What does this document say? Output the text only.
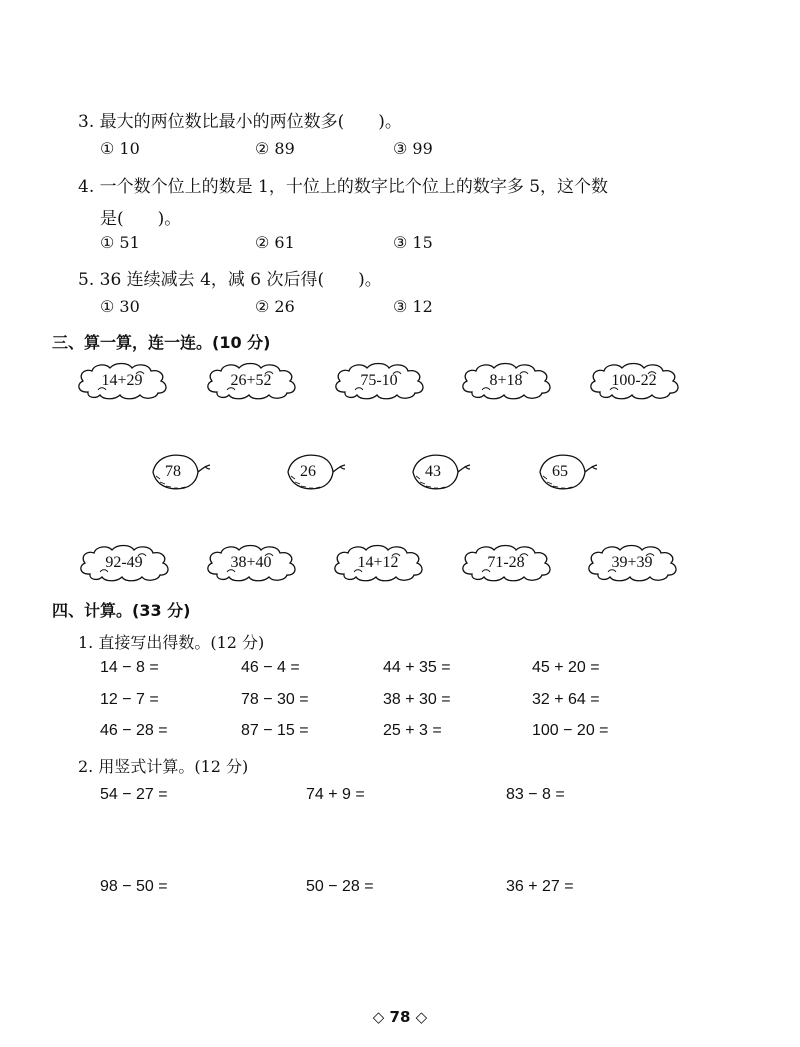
3. 最大的两位数比最小的两位数多(　　)。
① 10	② 89	③ 99
4. 一个数个位上的数是 1，十位上的数字比个位上的数字多 5，这个数
是(　　)。
① 51	② 61	③ 15
5. 36 连续减去 4，减 6 次后得(　　)。
① 30	② 26	③ 12
三、算一算，连一连。(10 分)
14+29	26+52	75-10	8+18	100-22
78	26	43	65
92-49	38+40	14+12	71-28	39+39
四、计算。(33 分)
1. 直接写出得数。(12 分)
14 − 8 =	46 − 4 =	44 + 35 =	45 + 20 =
12 − 7 =	78 − 30 =	38 + 30 =	32 + 64 =
46 − 28 =	87 − 15 =	25 + 3 =	100 − 20 =
2. 用竖式计算。(12 分)
54 − 27 =	74 + 9 =	83 − 8 =
98 − 50 =	50 − 28 =	36 + 27 =
◇ 78 ◇
